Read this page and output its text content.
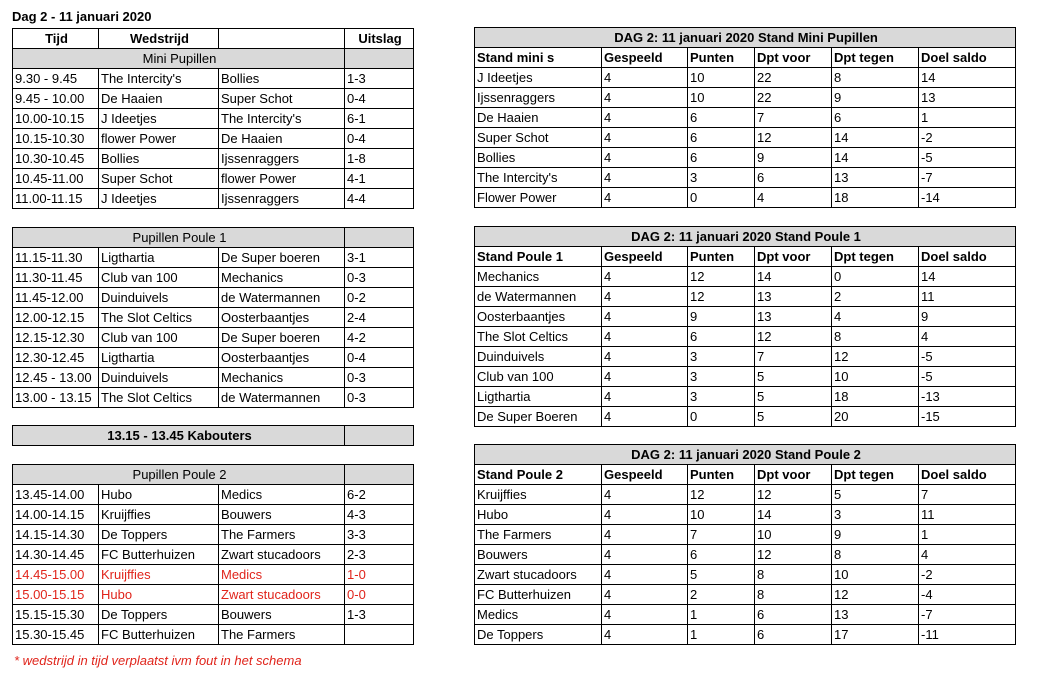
Dag 2 - 11 januari 2020
Tijd	Wedstrijd		Uitslag
Mini Pupillen			
9.30 - 9.45	The Intercity's	Bollies	1-3
9.45 - 10.00	De Haaien	Super Schot	0-4
10.00-10.15	J Ideetjes	The Intercity's	6-1
10.15-10.30	flower Power	De Haaien	0-4
10.30-10.45	Bollies	Ijssenraggers	1-8
10.45-11.00	Super Schot	flower Power	4-1
11.00-11.15	J Ideetjes	Ijssenraggers	4-4
Pupillen Poule 1			
11.15-11.30	Ligthartia	De Super boeren	3-1
11.30-11.45	Club van 100	Mechanics	0-3
11.45-12.00	Duinduivels	de Watermannen	0-2
12.00-12.15	The Slot Celtics	Oosterbaantjes	2-4
12.15-12.30	Club van 100	De Super boeren	4-2
12.30-12.45	Ligthartia	Oosterbaantjes	0-4
12.45 - 13.00	Duinduivels	Mechanics	0-3
13.00 - 13.15	The Slot Celtics	de Watermannen	0-3
13.15 - 13.45 Kabouters	
Pupillen Poule 2			
13.45-14.00	Hubo	Medics	6-2
14.00-14.15	Kruijffies	Bouwers	4-3
14.15-14.30	De Toppers	The Farmers	3-3
14.30-14.45	FC Butterhuizen	Zwart stucadoors	2-3
14.45-15.00	Kruijffies	Medics	1-0
15.00-15.15	Hubo	Zwart stucadoors	0-0
15.15-15.30	De Toppers	Bouwers	1-3
15.30-15.45	FC Butterhuizen	The Farmers	
* wedstrijd in tijd verplaatst ivm fout in het schema
DAG 2: 11 januari 2020 Stand Mini Pupillen					
Stand mini s	Gespeeld	Punten	Dpt voor	Dpt tegen	Doel saldo
J Ideetjes	4	10	22	8	14
Ijssenraggers	4	10	22	9	13
De Haaien	4	6	7	6	1
Super Schot	4	6	12	14	-2
Bollies	4	6	9	14	-5
The Intercity's	4	3	6	13	-7
Flower Power	4	0	4	18	-14
DAG 2: 11 januari 2020 Stand Poule 1					
Stand Poule 1	Gespeeld	Punten	Dpt voor	Dpt tegen	Doel saldo
Mechanics	4	12	14	0	14
de Watermannen	4	12	13	2	11
Oosterbaantjes	4	9	13	4	9
The Slot Celtics	4	6	12	8	4
Duinduivels	4	3	7	12	-5
Club van 100	4	3	5	10	-5
Ligthartia	4	3	5	18	-13
De Super Boeren	4	0	5	20	-15
DAG 2: 11 januari 2020 Stand Poule 2					
Stand Poule 2	Gespeeld	Punten	Dpt voor	Dpt tegen	Doel saldo
Kruijffies	4	12	12	5	7
Hubo	4	10	14	3	11
The Farmers	4	7	10	9	1
Bouwers	4	6	12	8	4
Zwart stucadoors	4	5	8	10	-2
FC Butterhuizen	4	2	8	12	-4
Medics	4	1	6	13	-7
De Toppers	4	1	6	17	-11
